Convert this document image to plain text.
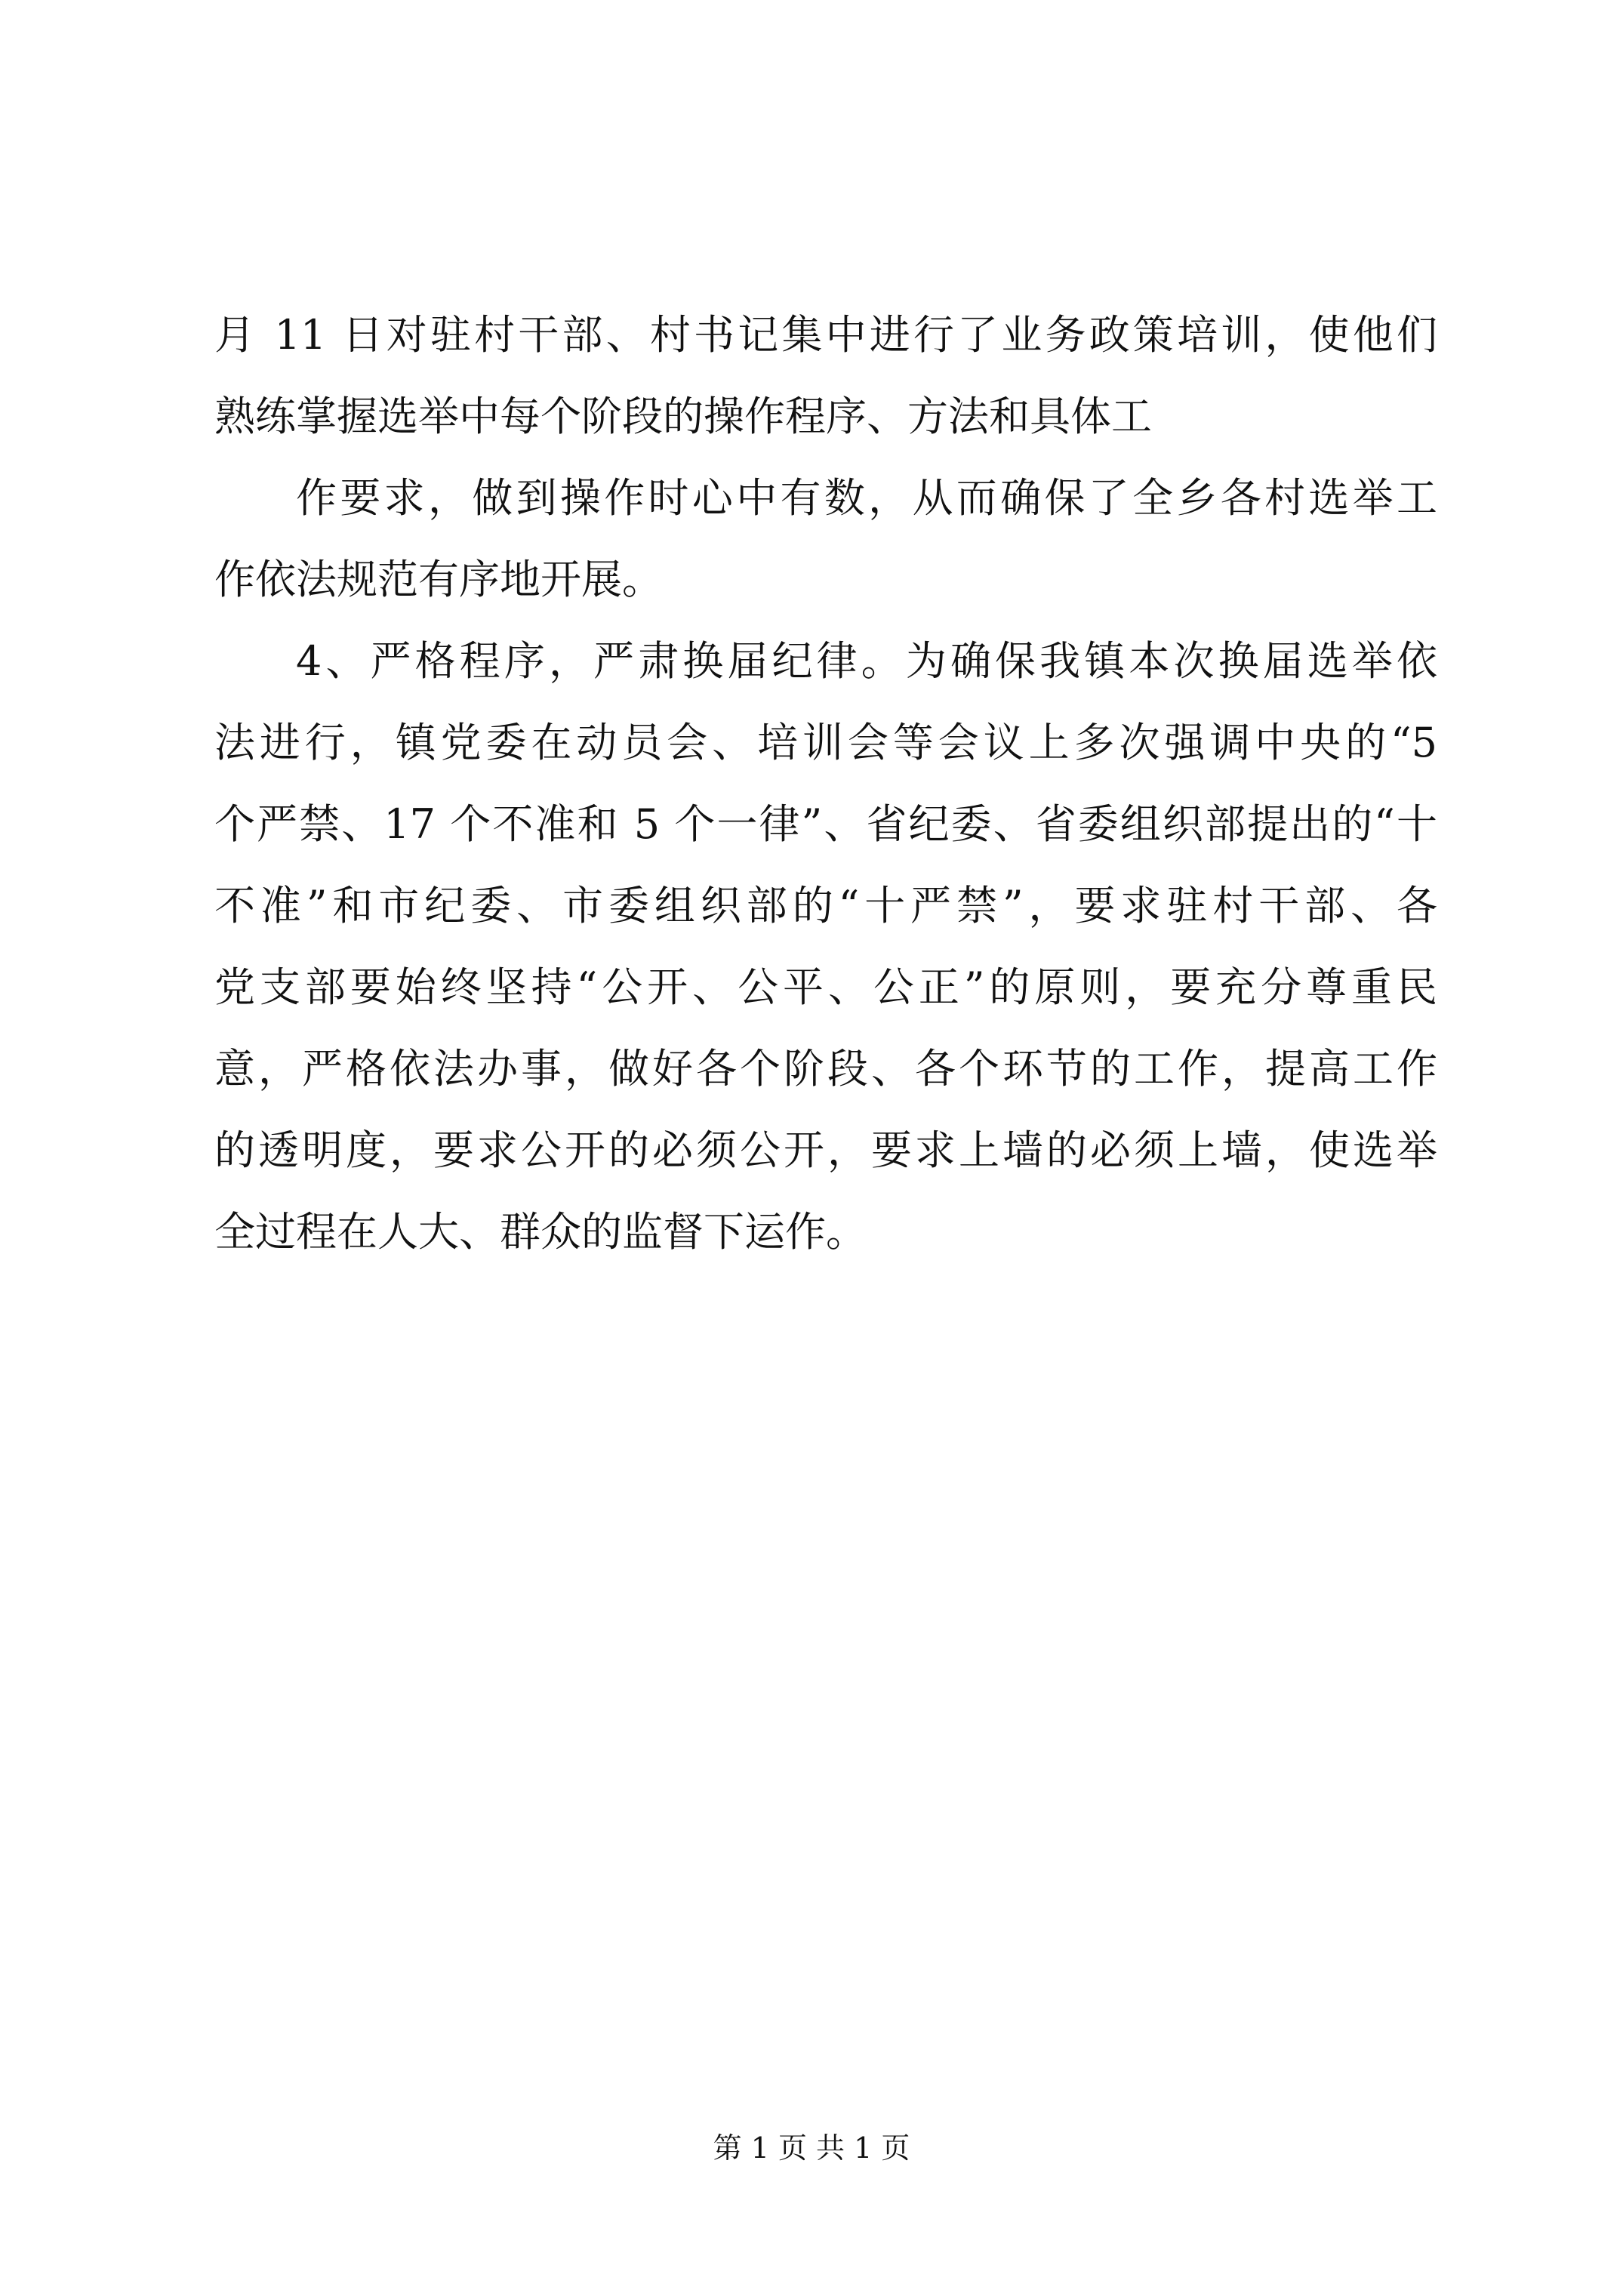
月 11 日对驻村干部、村书记集中进行了业务政策培训，使他们
熟练掌握选举中每个阶段的操作程序、方法和具体工
作要求，做到操作时心中有数，从而确保了全乡各村选举工
作依法规范有序地开展。
4、严格程序，严肃换届纪律。为确保我镇本次换届选举依
法进行，镇党委在动员会、培训会等会议上多次强调中央的“5
个严禁、17 个不准和 5 个一律”、省纪委、省委组织部提出的“十
不准”和市纪委、市委组织部的“十严禁”，要求驻村干部、各
党支部要始终坚持“公开、公平、公正”的原则，要充分尊重民
意，严格依法办事，做好各个阶段、各个环节的工作，提高工作
的透明度，要求公开的必须公开，要求上墙的必须上墙，使选举
全过程在人大、群众的监督下运作。
第 1 页 共 1 页
